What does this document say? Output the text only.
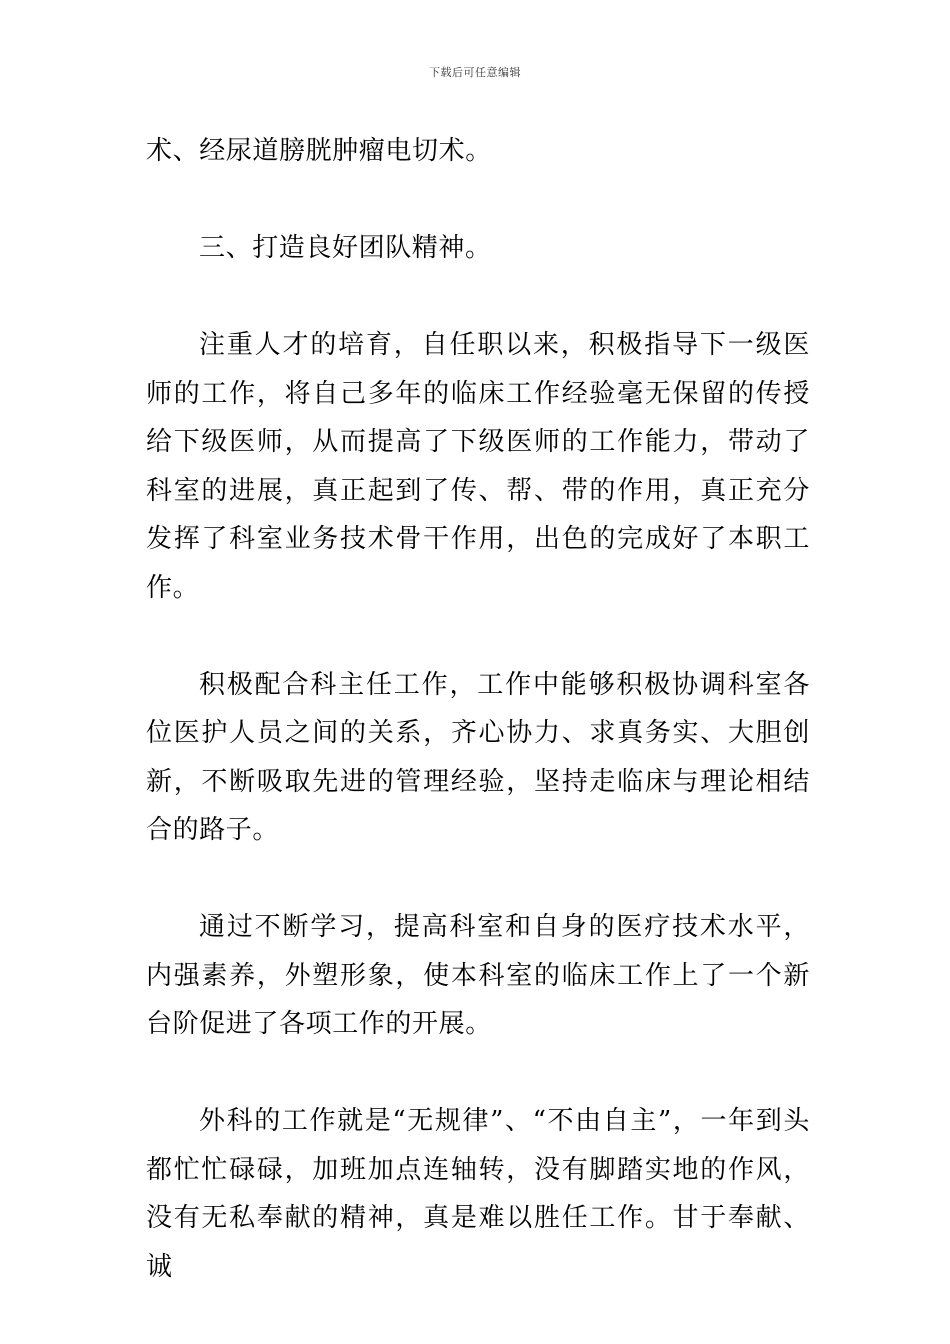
下载后可任意编辑

术、经尿道膀胱肿瘤电切术。

三、打造良好团队精神。

注重人才的培育，自任职以来，积极指导下一级医师的工作，将自己多年的临床工作经验毫无保留的传授给下级医师，从而提高了下级医师的工作能力，带动了科室的进展，真正起到了传、帮、带的作用，真正充分发挥了科室业务技术骨干作用，出色的完成好了本职工作。

积极配合科主任工作，工作中能够积极协调科室各位医护人员之间的关系，齐心协力、求真务实、大胆创新，不断吸取先进的管理经验，坚持走临床与理论相结合的路子。

通过不断学习，提高科室和自身的医疗技术水平，内强素养，外塑形象，使本科室的临床工作上了一个新台阶促进了各项工作的开展。

外科的工作就是“无规律”、“不由自主”，一年到头都忙忙碌碌，加班加点连轴转，没有脚踏实地的作风，没有无私奉献的精神，真是难以胜任工作。甘于奉献、诚
